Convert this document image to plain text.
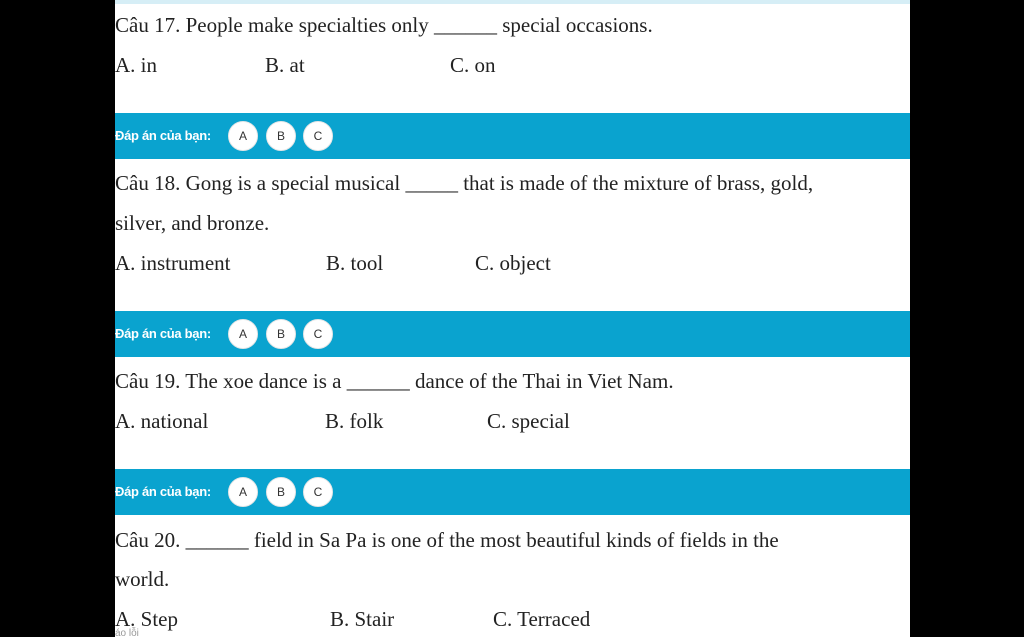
Câu 17. People make specialties only ______ special occasions.
A. in	B. at	C. on
Đáp án của bạn:	A	B	C
Câu 18. Gong is a special musical _____ that is made of the mixture of brass, gold,
silver, and bronze.
A. instrument	B. tool	C. object
Đáp án của bạn:	A	B	C
Câu 19. The xoe dance is a ______ dance of the Thai in Viet Nam.
A. national	B. folk	C. special
Đáp án của bạn:	A	B	C
Câu 20. ______ field in Sa Pa is one of the most beautiful kinds of fields in the
world.
A. Step	B. Stair	C. Terraced
áo lỗi
